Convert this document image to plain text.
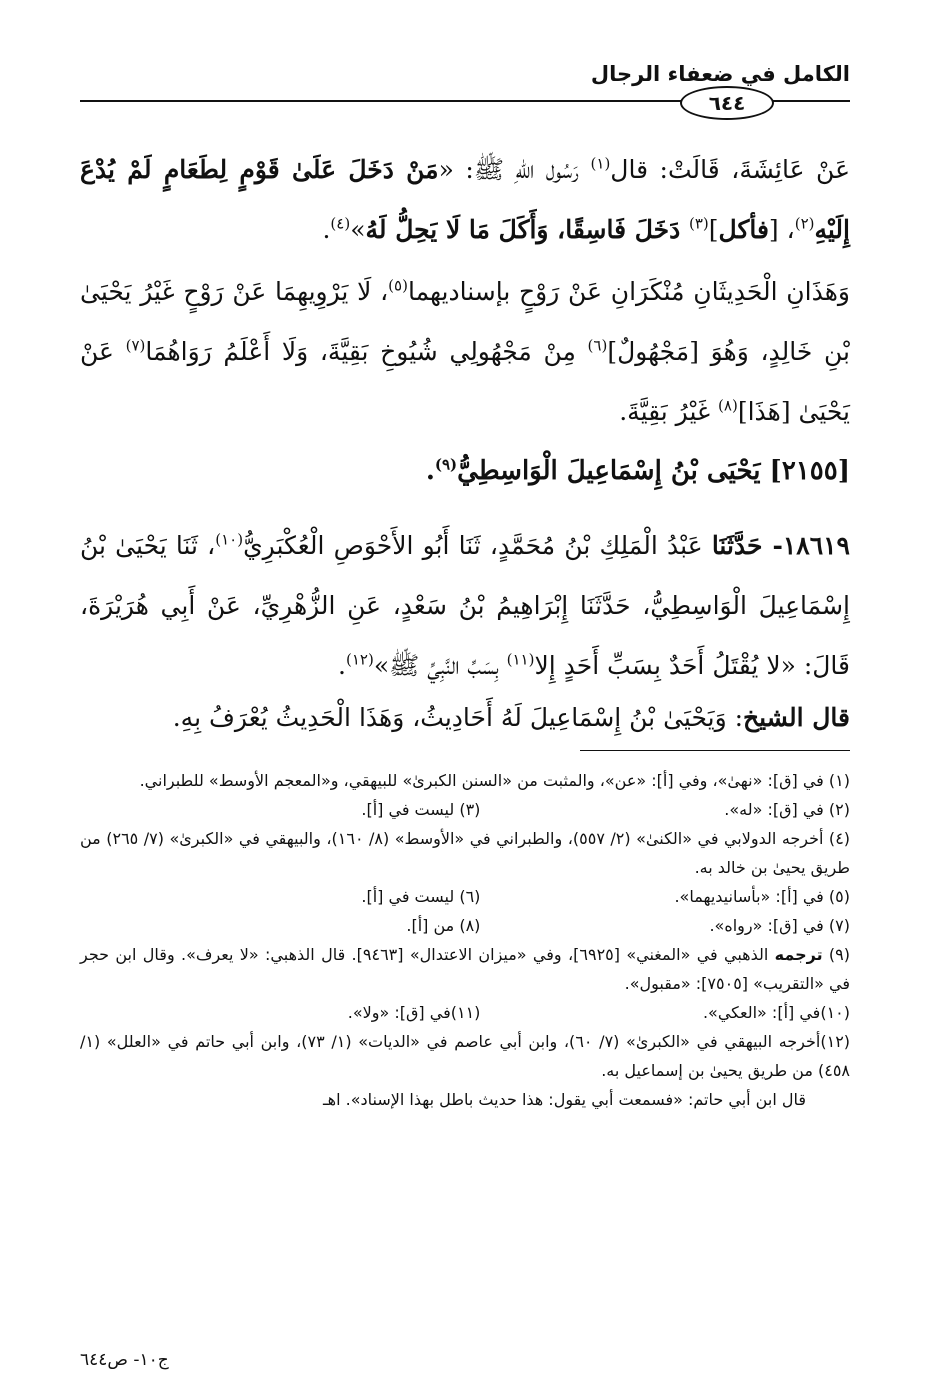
الكامل في ضعفاء الرجال
٦٤٤

عَنْ عَائِشَةَ، قَالَتْ: قال$^{(١)}$ رَسُول اللهِ ﷺ: «مَنْ دَخَلَ عَلَىٰ قَوْمٍ لِطَعَامٍ لَمْ يُدْعَ إِلَيْهِ$^{(٢)}$، [فأكل]$^{(٣)}$ دَخَلَ فَاسِقًا، وَأَكَلَ مَا لَا يَحِلُّ لَهُ»$^{(٤)}$.

وَهَذَانِ الْحَدِيثَانِ مُنْكَرَانِ عَنْ رَوْحٍ بإسناديهما$^{(٥)}$، لَا يَرْوِيهِمَا عَنْ رَوْحٍ غَيْرُ يَحْيَىٰ بْنِ خَالِدٍ، وَهُوَ [مَجْهُولٌ]$^{(٦)}$ مِنْ مَجْهُولِي شُيُوخِ بَقِيَّةَ، وَلَا أَعْلَمُ رَوَاهُمَا$^{(٧)}$ عَنْ يَحْيَىٰ [هَذَا]$^{(٨)}$ غَيْرُ بَقِيَّةَ.

[٢١٥٥] يَحْيَى بْنُ إِسْمَاعِيلَ الْوَاسِطِيُّ$^{(٩)}$.

١٨٦١٩- حَدَّثَنَا عَبْدُ الْمَلِكِ بْنُ مُحَمَّدٍ، ثَنَا أَبُو الأَحْوَصِ الْعُكْبَرِيُّ$^{(١٠)}$، ثَنَا يَحْيَىٰ بْنُ إِسْمَاعِيلَ الْوَاسِطِيُّ، حَدَّثَنَا إِبْرَاهِيمُ بْنُ سَعْدٍ، عَنِ الزُّهْرِيِّ، عَنْ أَبِي هُرَيْرَةَ، قَالَ: «لا يُقْتَلُ أَحَدٌ بِسَبِّ أَحَدٍ إِلا$^{(١١)}$ بِسَبِّ النَّبِيِّ ﷺ»$^{(١٢)}$.

قال الشيخ: وَيَحْيَىٰ بْنُ إِسْمَاعِيلَ لَهُ أَحَادِيثُ، وَهَذَا الْحَدِيثُ يُعْرَفُ بِهِ.

(١) في [ق]: «نهىٰ»، وفي [أ]: «عن»، والمثبت من «السنن الكبرىٰ» للبيهقي، و«المعجم الأوسط» للطبراني.

(٢) في [ق]: «له».

(٣) ليست في [أ].

(٤) أخرجه الدولابي في «الكنىٰ» (٢/ ٥٥٧)، والطبراني في «الأوسط» (٨/ ١٦٠)، والبيهقي في «الكبرىٰ» (٧/ ٢٦٥) من طريق يحيىٰ بن خالد به.

(٥) في [أ]: «بأسانيديهما».

(٦) ليست في [أ].

(٧) في [ق]: «رواه».

(٨) من [أ].

(٩) ترجمه الذهبي في «المغني» [٦٩٢٥]، وفي «ميزان الاعتدال» [٩٤٦٣]. قال الذهبي: «لا يعرف». وقال ابن حجر في «التقريب» [٧٥٠٥]: «مقبول».

(١٠)في [أ]: «العكي».

(١١)في [ق]: «ولا».

(١٢)أخرجه البيهقي في «الكبرىٰ» (٧/ ٦٠)، وابن أبي عاصم في «الديات» (١/ ٧٣)، وابن أبي حاتم في «العلل» (١/ ٤٥٨) من طريق يحيىٰ بن إسماعيل به.

قال ابن أبي حاتم: «فسمعت أبي يقول: هذا حديث باطل بهذا الإسناد». اهـ

ج١٠- ص٦٤٤
